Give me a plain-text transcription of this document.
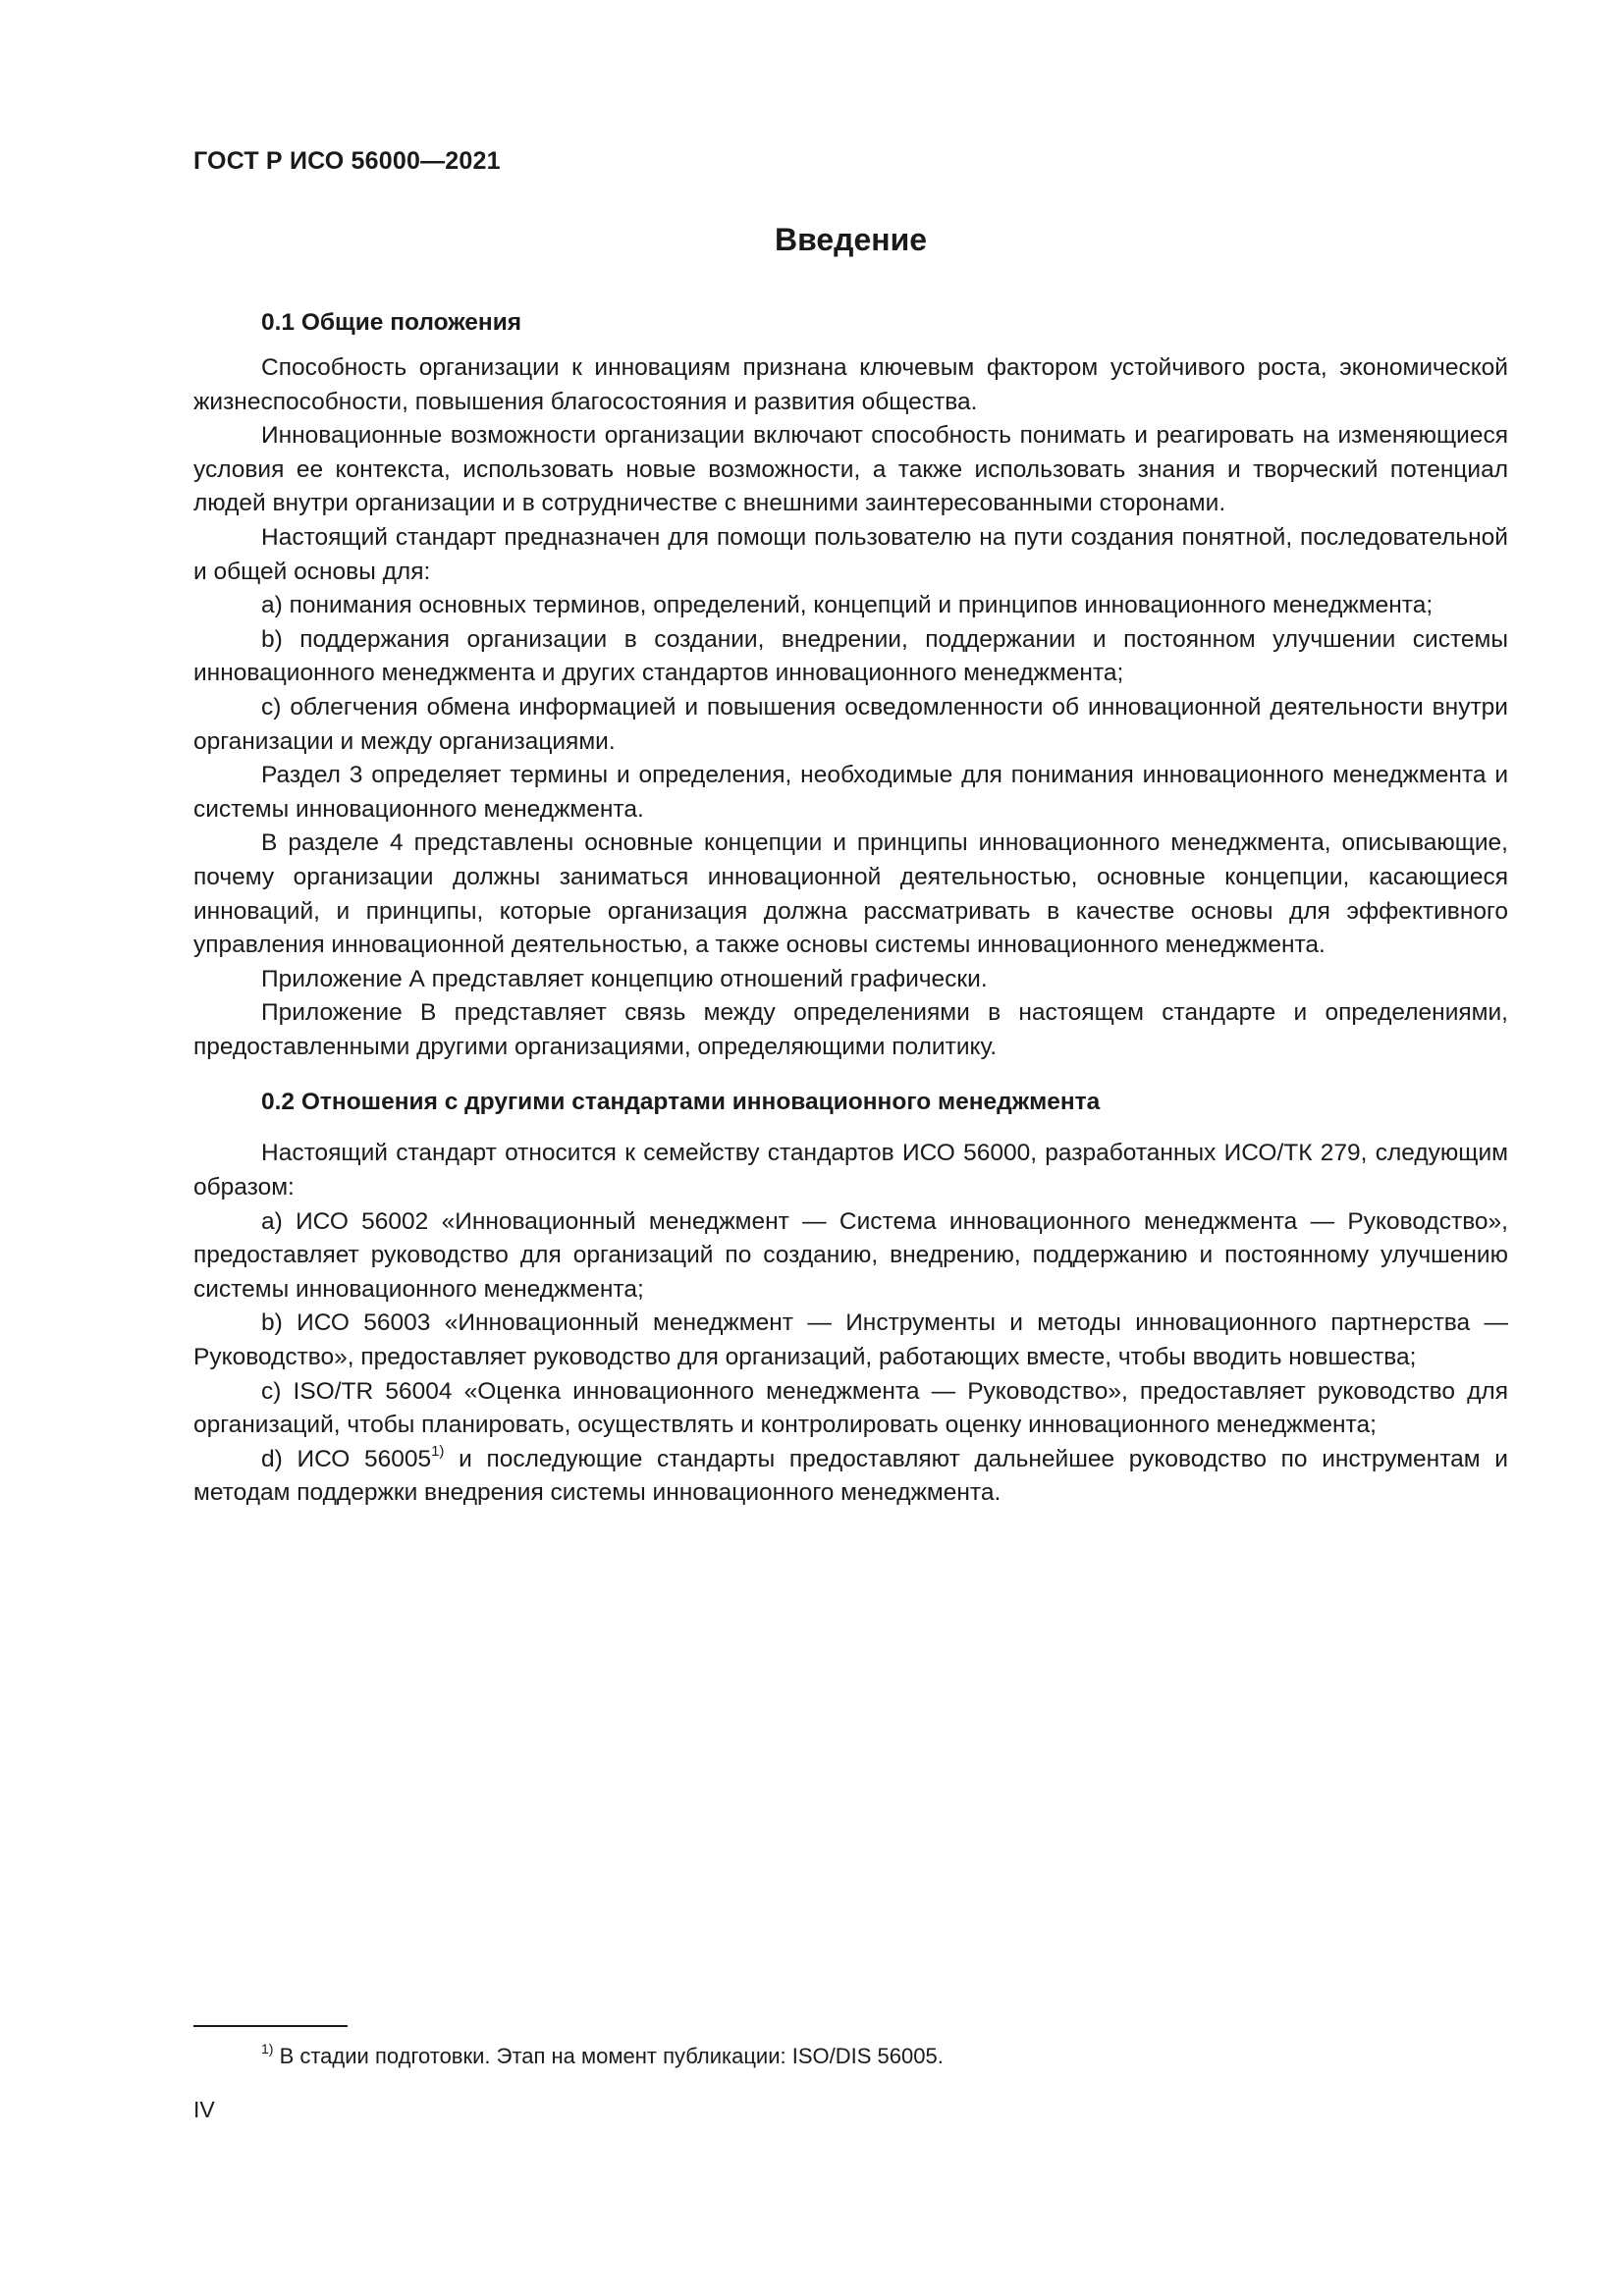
ГОСТ Р ИСО 56000—2021
Введение
0.1 Общие положения

Способность организации к инновациям признана ключевым фактором устойчивого роста, экономической жизнеспособности, повышения благосостояния и развития общества.

Инновационные возможности организации включают способность понимать и реагировать на изменяющиеся условия ее контекста, использовать новые возможности, а также использовать знания и творческий потенциал людей внутри организации и в сотрудничестве с внешними заинтересованными сторонами.

Настоящий стандарт предназначен для помощи пользователю на пути создания понятной, последовательной и общей основы для:

a) понимания основных терминов, определений, концепций и принципов инновационного менеджмента;

b) поддержания организации в создании, внедрении, поддержании и постоянном улучшении системы инновационного менеджмента и других стандартов инновационного менеджмента;

c) облегчения обмена информацией и повышения осведомленности об инновационной деятельности внутри организации и между организациями.

Раздел 3 определяет термины и определения, необходимые для понимания инновационного менеджмента и системы инновационного менеджмента.

В разделе 4 представлены основные концепции и принципы инновационного менеджмента, описывающие, почему организации должны заниматься инновационной деятельностью, основные концепции, касающиеся инноваций, и принципы, которые организация должна рассматривать в качестве основы для эффективного управления инновационной деятельностью, а также основы системы инновационного менеджмента.

Приложение А представляет концепцию отношений графически.

Приложение В представляет связь между определениями в настоящем стандарте и определениями, предоставленными другими организациями, определяющими политику.

0.2 Отношения с другими стандартами инновационного менеджмента

Настоящий стандарт относится к семейству стандартов ИСО 56000, разработанных ИСО/ТК 279, следующим образом:

a) ИСО 56002 «Инновационный менеджмент — Система инновационного менеджмента — Руководство», предоставляет руководство для организаций по созданию, внедрению, поддержанию и постоянному улучшению системы инновационного менеджмента;

b) ИСО 56003 «Инновационный менеджмент — Инструменты и методы инновационного партнерства — Руководство», предоставляет руководство для организаций, работающих вместе, чтобы вводить новшества;

c) ISO/TR 56004 «Оценка инновационного менеджмента — Руководство», предоставляет руководство для организаций, чтобы планировать, осуществлять и контролировать оценку инновационного менеджмента;

d) ИСО 56005$^{1)}$ и последующие стандарты предоставляют дальнейшее руководство по инструментам и методам поддержки внедрения системы инновационного менеджмента.

$^{1)}$ В стадии подготовки. Этап на момент публикации: ISO/DIS 56005.
IV
